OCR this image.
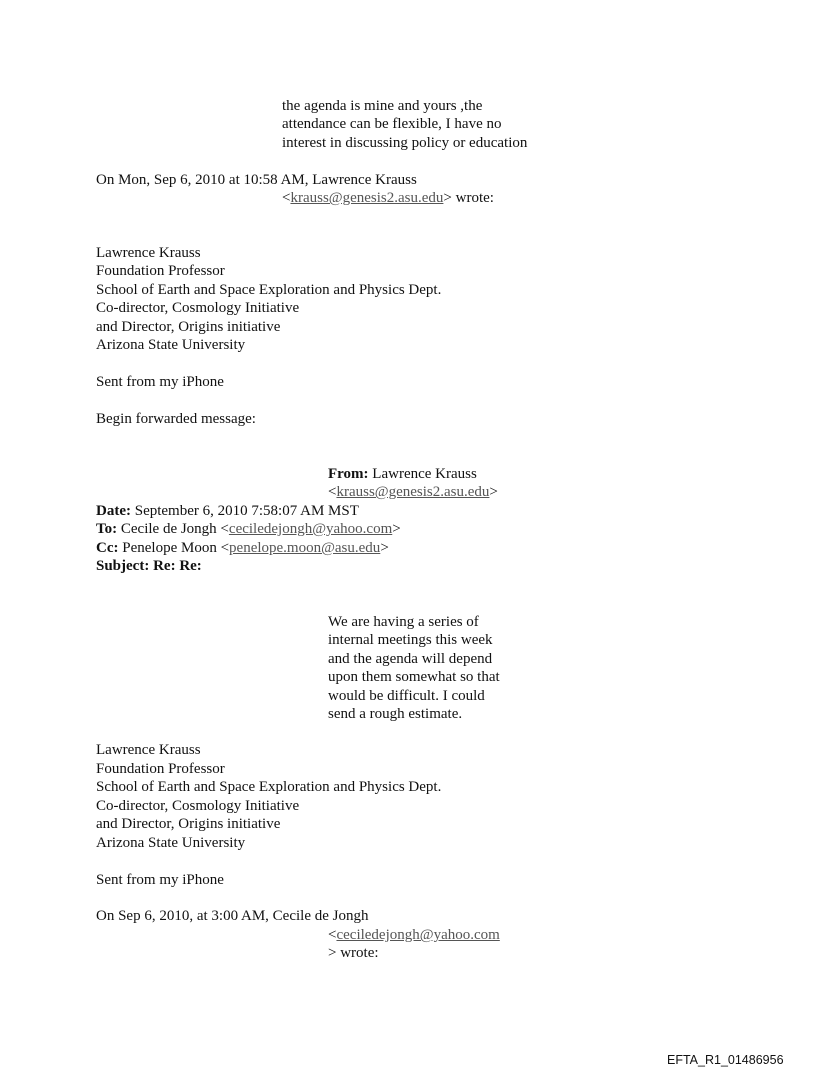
the agenda is mine and yours ,the
attendance can be flexible, I have no
interest in discussing policy or education
On Mon, Sep 6, 2010 at 10:58 AM, Lawrence Krauss
<krauss@genesis2.asu.edu> wrote:
Lawrence Krauss
Foundation Professor
School of Earth and Space Exploration and Physics Dept.
Co-director, Cosmology Initiative
and Director, Origins initiative
Arizona State University
Sent from my iPhone
Begin forwarded message:
From: Lawrence Krauss
<krauss@genesis2.asu.edu>
Date: September 6, 2010 7:58:07 AM MST
To: Cecile de Jongh <ceciledejongh@yahoo.com>
Cc: Penelope Moon <penelope.moon@asu.edu>
Subject: Re: Re:
We are having a series of
internal meetings this week
and the agenda will depend
upon them somewhat so that
would be difficult. I could
send a rough estimate.
Lawrence Krauss
Foundation Professor
School of Earth and Space Exploration and Physics Dept.
Co-director, Cosmology Initiative
and Director, Origins initiative
Arizona State University
Sent from my iPhone
On Sep 6, 2010, at 3:00 AM, Cecile de Jongh
<ceciledejongh@yahoo.com
> wrote:
EFTA_R1_01486956
